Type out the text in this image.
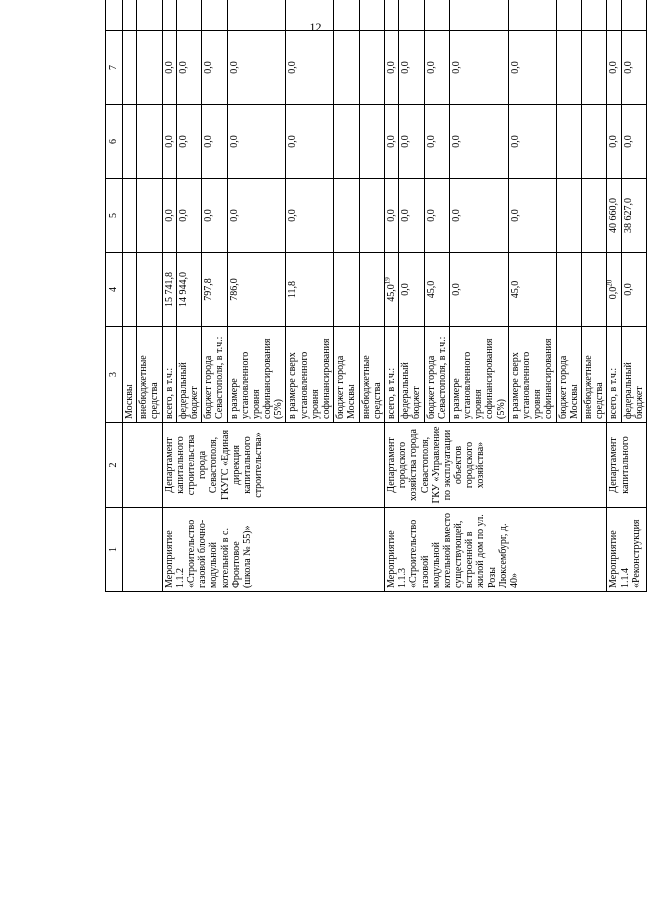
12
1	2	3	4	5	6	7		
		Москвы						
		внебюджетные средства						
Мероприятие 1.1.2 «Строительство газовой блочно-модульной котельной в с. Фронтовое (школа № 55)»	Департамент капитального строительства города Севастополя, ГКУГС «Единая дирекция капитального строительства»	всего, в т.ч.:	15 741,8	0,0	0,0	0,0		
		федеральный бюджет	14 944,0	0,0	0,0	0,0		
		бюджет города Севастополя, в т.ч.:	797,8	0,0	0,0	0,0		
		в размере установленного уровня софинансирования (5%)	786,0	0,0	0,0	0,0		
		в размере сверх установленного уровня софинансирования	11,8	0,0	0,0	0,0		
		бюджет города Москвы						
		внебюджетные средства						
Мероприятие 1.1.3 «Строительство газовой модульной котельной вместо существующей, встроенной в жилой дом по ул. Розы Люксембург, д. 40»	Департамент городского хозяйства города Севастополя, ГКУ «Управление по эксплуатации объектов городского хозяйства»	всего, в т.ч.:	45,0$^{19}$	0,0	0,0	0,0		
		федеральный бюджет	0,0	0,0	0,0	0,0		
		бюджет города Севастополя, в т.ч.:	45,0	0,0	0,0	0,0		
		в размере установленного уровня софинансирования (5%)	0,0	0,0	0,0	0,0		
		в размере сверх установленного уровня софинансирования	45,0	0,0	0,0	0,0		
		бюджет города Москвы						
		внебюджетные средства						
Мероприятие 1.1.4 «Реконструкция	Департамент капитального	всего, в т.ч.:	$0,0^{20}$	40 660,0	0,0	0,0		
		федеральный бюджет	0,0	38 627,0	0,0	0,0		
